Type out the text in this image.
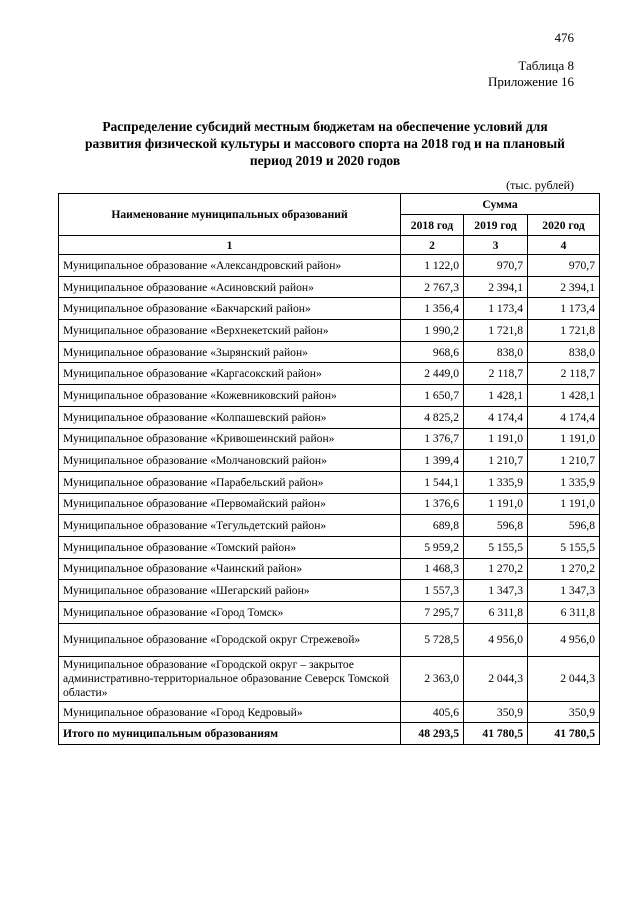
476
Таблица 8
Приложение 16
Распределение субсидий местным бюджетам на обеспечение условий для
развития физической культуры и массового спорта на 2018 год и на плановый
период 2019 и 2020 годов
(тыс. рублей)
Наименование муниципальных образований	Сумма		
	2018 год	2019 год	2020 год
1	2	3	4
Муниципальное образование «Александровский район»	1 122,0	970,7	970,7
Муниципальное образование «Асиновский район»	2 767,3	2 394,1	2 394,1
Муниципальное образование «Бакчарский район»	1 356,4	1 173,4	1 173,4
Муниципальное образование «Верхнекетский район»	1 990,2	1 721,8	1 721,8
Муниципальное образование «Зырянский район»	968,6	838,0	838,0
Муниципальное образование «Каргасокский район»	2 449,0	2 118,7	2 118,7
Муниципальное образование «Кожевниковский район»	1 650,7	1 428,1	1 428,1
Муниципальное образование «Колпашевский район»	4 825,2	4 174,4	4 174,4
Муниципальное образование «Кривошеинский район»	1 376,7	1 191,0	1 191,0
Муниципальное образование «Молчановский район»	1 399,4	1 210,7	1 210,7
Муниципальное образование «Парабельский район»	1 544,1	1 335,9	1 335,9
Муниципальное образование «Первомайский район»	1 376,6	1 191,0	1 191,0
Муниципальное образование «Тегульдетский район»	689,8	596,8	596,8
Муниципальное образование «Томский район»	5 959,2	5 155,5	5 155,5
Муниципальное образование «Чаинский район»	1 468,3	1 270,2	1 270,2
Муниципальное образование «Шегарский район»	1 557,3	1 347,3	1 347,3
Муниципальное образование «Город Томск»	7 295,7	6 311,8	6 311,8
Муниципальное образование «Городской округ Стрежевой»	5 728,5	4 956,0	4 956,0
Муниципальное образование «Городской округ – закрытое административно-территориальное образование Северск Томской области»	2 363,0	2 044,3	2 044,3
Муниципальное образование «Город Кедровый»	405,6	350,9	350,9
Итого по муниципальным образованиям	48 293,5	41 780,5	41 780,5
